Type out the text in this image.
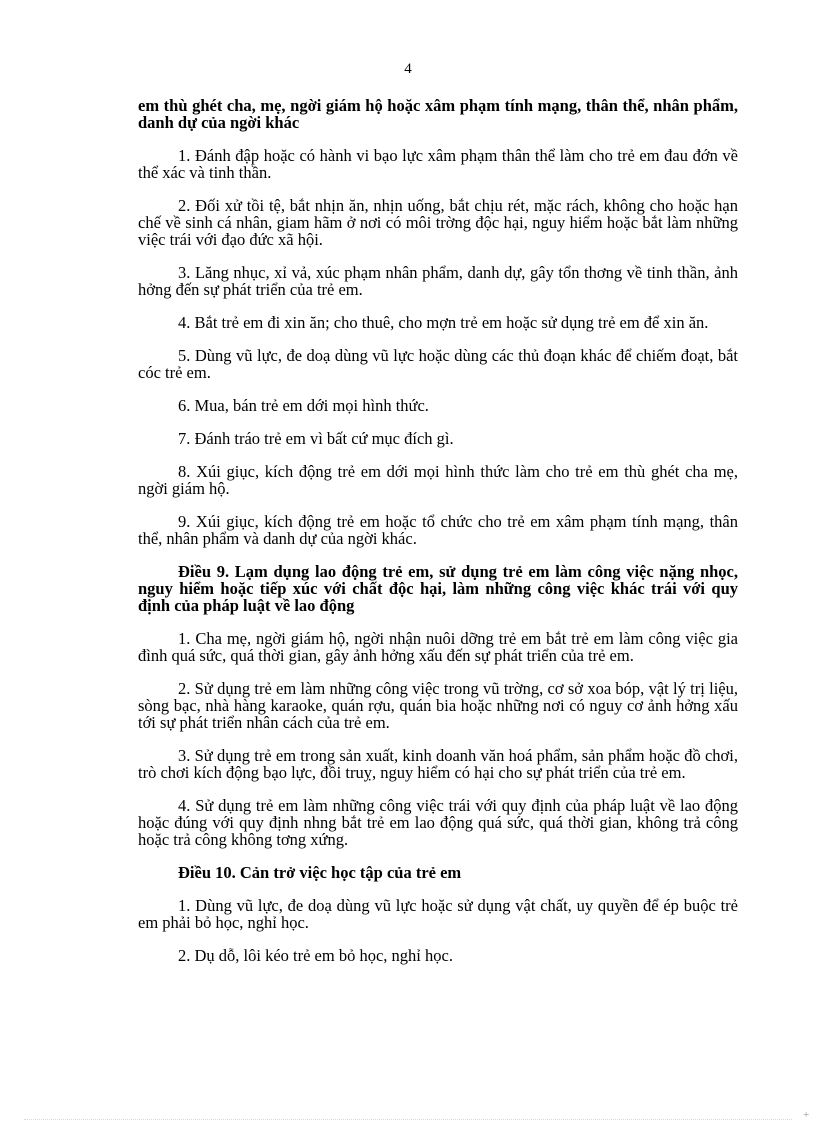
4

em thù ghét cha, mẹ, ngời giám hộ hoặc xâm phạm tính mạng, thân thể, nhân phẩm, danh dự của ngời khác

1. Đánh đập hoặc có hành vi bạo lực xâm phạm thân thể làm cho trẻ em đau đớn về thể xác và tinh thần.

2. Đối xử tồi tệ, bắt nhịn ăn, nhịn uống, bắt chịu rét, mặc rách, không cho hoặc hạn chế về sinh cá nhân, giam hãm ở nơi có môi trờng độc hại, nguy hiểm hoặc bắt làm những việc trái với đạo đức xã hội.

3. Lăng nhục, xỉ vả, xúc phạm nhân phẩm, danh dự, gây tổn thơng về tinh thần, ảnh hởng đến sự phát triển của trẻ em.

4. Bắt trẻ em đi xin ăn; cho thuê, cho mợn trẻ em hoặc sử dụng trẻ em để xin ăn.

5. Dùng vũ lực, đe doạ dùng vũ lực hoặc dùng các thủ đoạn khác để chiếm đoạt, bắt cóc trẻ em.

6. Mua, bán trẻ em dới mọi hình thức.

7. Đánh tráo trẻ em vì bất cứ mục đích gì.

8. Xúi giục, kích động trẻ em dới mọi hình thức làm cho trẻ em thù ghét cha mẹ, ngời giám hộ.

9. Xúi giục, kích động trẻ em hoặc tổ chức cho trẻ em xâm phạm tính mạng, thân thể, nhân phẩm và danh dự của ngời khác.

Điều 9. Lạm dụng lao động trẻ em, sử dụng trẻ em làm công việc nặng nhọc, nguy hiểm hoặc tiếp xúc với chất độc hại, làm những công việc khác trái với quy định của pháp luật về lao động

1. Cha mẹ, ngời giám hộ, ngời nhận nuôi dỡng trẻ em bắt trẻ em làm công việc gia đình quá sức, quá thời gian, gây ảnh hởng xấu đến sự phát triển của trẻ em.

2. Sử dụng trẻ em làm những công việc trong vũ trờng, cơ sở xoa bóp, vật lý trị liệu, sòng bạc, nhà hàng karaoke, quán rợu, quán bia hoặc những nơi có nguy cơ ảnh hởng xấu tới sự phát triển nhân cách của trẻ em.

3. Sử dụng trẻ em trong sản xuất, kinh doanh văn hoá phẩm, sản phẩm hoặc đồ chơi, trò chơi kích động bạo lực, đồi truỵ, nguy hiểm có hại cho sự phát triển của trẻ em.

4. Sử dụng trẻ em làm những công việc trái với quy định của pháp luật về lao động hoặc đúng với quy định nhng bắt trẻ em lao động quá sức, quá thời gian, không trả công hoặc trả công không tơng xứng.

Điều 10. Cản trở việc học tập của trẻ em

1. Dùng vũ lực, đe doạ dùng vũ lực hoặc sử dụng vật chất, uy quyền để ép buộc trẻ em phải bỏ học, nghỉ học.

2. Dụ dỗ, lôi kéo trẻ em bỏ học, nghỉ học.

+
